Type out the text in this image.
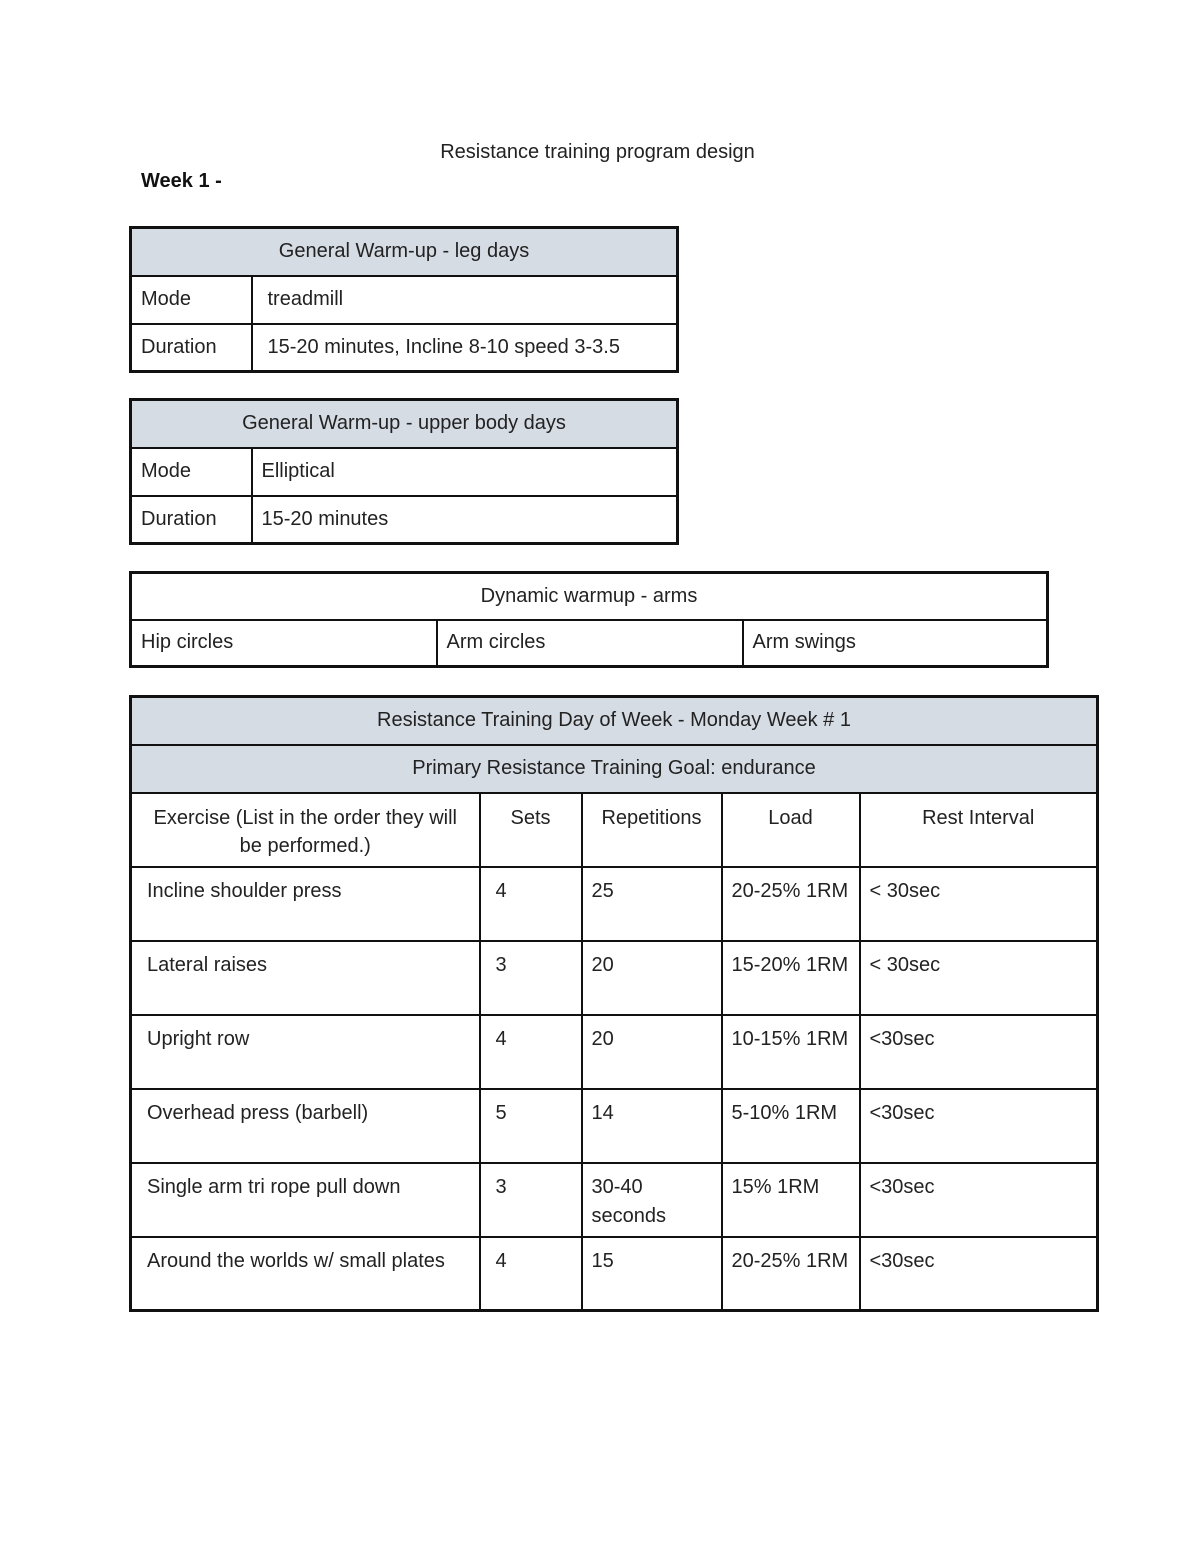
Resistance training program design
Week 1 -
General Warm-up - leg days	
Mode	treadmill
Duration	15-20 minutes, Incline 8-10 speed 3-3.5
General Warm-up - upper body days	
Mode	Elliptical
Duration	15-20 minutes
Dynamic warmup - arms
Hip circles	Arm circles	Arm swings
Resistance Training Day of Week - Monday Week # 1				
Primary Resistance Training Goal: endurance				
Exercise (List in the order they will be performed.)	Sets	Repetitions	Load	Rest Interval
Incline shoulder press	4	25	20-25% 1RM	< 30sec
Lateral raises	3	20	15-20% 1RM	< 30sec
Upright row	4	20	10-15% 1RM	<30sec
Overhead press (barbell)	5	14	5-10% 1RM	<30sec
Single arm tri rope pull down	3	30-40 seconds	15% 1RM	<30sec
Around the worlds w/ small plates	4	15	20-25% 1RM	<30sec
